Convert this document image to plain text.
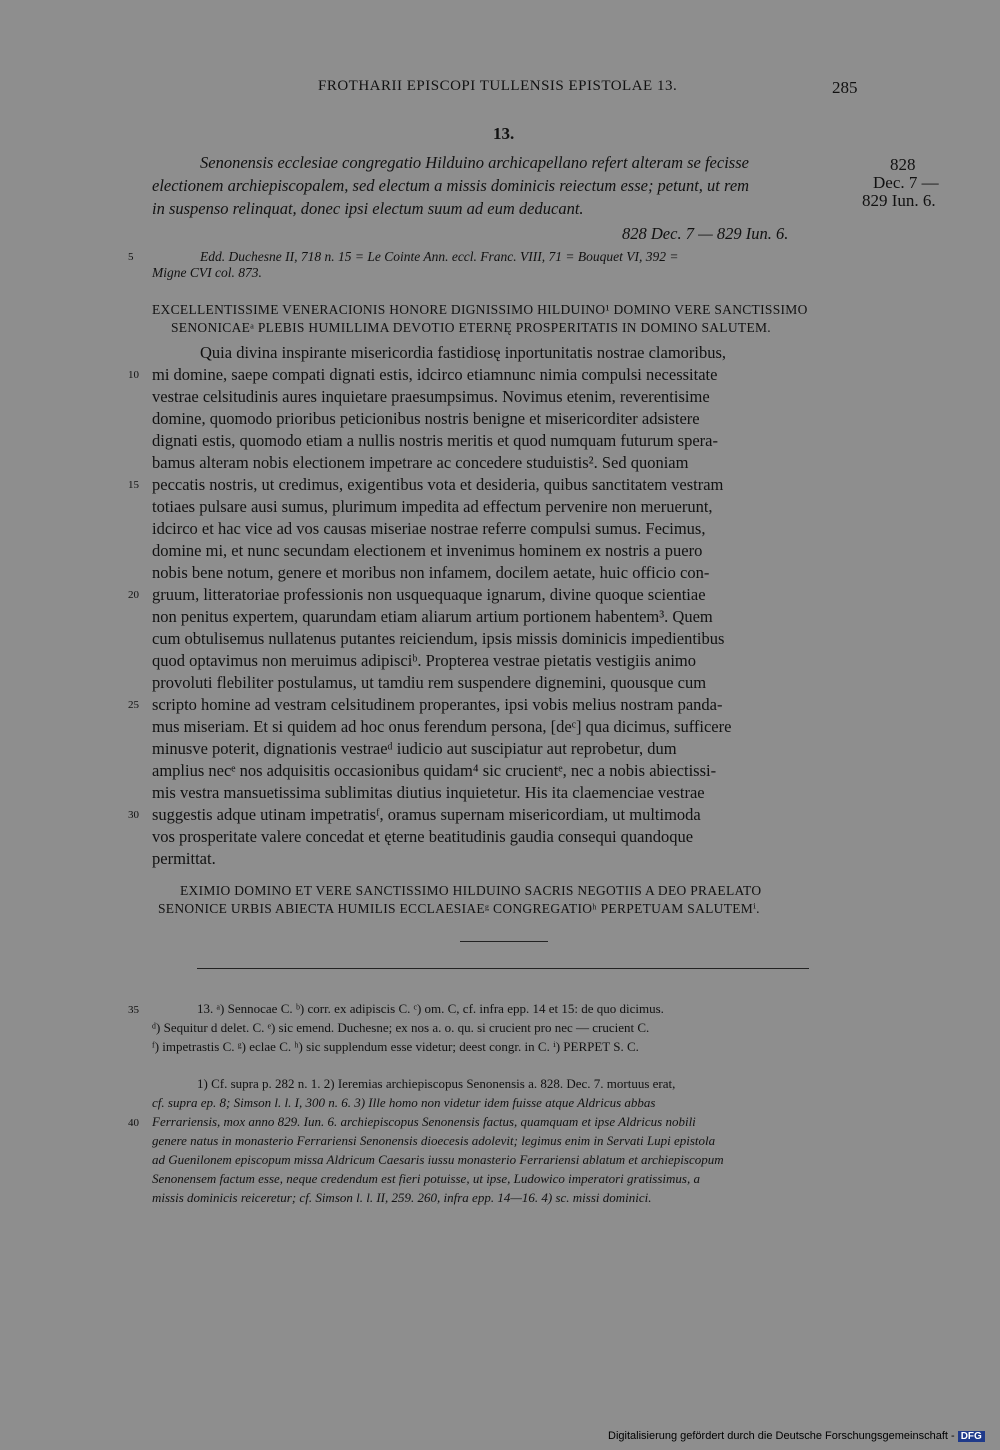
FROTHARII EPISCOPI TULLENSIS EPISTOLAE 13.	285
13.
Senonensis ecclesiae congregatio Hilduino archicapellano refert alteram se fecisse
electionem archiepiscopalem, sed electum a missis dominicis reiectum esse; petunt, ut rem
in suspenso relinquat, donec ipsi electum suum ad eum deducant.
828 Dec. 7 — 829 Iun. 6.
828
Dec. 7 —
829 Iun. 6.
Edd. Duchesne II, 718 n. 15 = Le Cointe Ann. eccl. Franc. VIII, 71 = Bouquet VI, 392 =
Migne CVI col. 873.
EXCELLENTISSIME VENERACIONIS HONORE DIGNISSIMO HILDUINO¹ DOMINO VERE SANCTISSIMO
SENONICAEᵃ PLEBIS HUMILLIMA DEVOTIO ETERNĘ PROSPERITATIS IN DOMINO SALUTEM.
Quia divina inspirante misericordia fastidiosę inportunitatis nostrae clamoribus,
mi domine, saepe compati dignati estis, idcirco etiamnunc nimia compulsi necessitate
vestrae celsitudinis aures inquietare praesumpsimus. Novimus etenim, reverentisime
domine, quomodo prioribus peticionibus nostris benigne et misericorditer adsistere
dignati estis, quomodo etiam a nullis nostris meritis et quod numquam futurum spera-
bamus alteram nobis electionem impetrare ac concedere studuistis². Sed quoniam
peccatis nostris, ut credimus, exigentibus vota et desideria, quibus sanctitatem vestram
totiaes pulsare ausi sumus, plurimum impedita ad effectum pervenire non meruerunt,
idcirco et hac vice ad vos causas miseriae nostrae referre compulsi sumus. Fecimus,
domine mi, et nunc secundam electionem et invenimus hominem ex nostris a puero
nobis bene notum, genere et moribus non infamem, docilem aetate, huic officio con-
gruum, litteratoriae professionis non usquequaque ignarum, divine quoque scientiae
non penitus expertem, quarundam etiam aliarum artium portionem habentem³. Quem
cum obtulisemus nullatenus putantes reiciendum, ipsis missis dominicis impedientibus
quod optavimus non meruimus adipisciᵇ. Propterea vestrae pietatis vestigiis animo
provoluti flebiliter postulamus, ut tamdiu rem suspendere dignemini, quousque cum
scripto homine ad vestram celsitudinem properantes, ipsi vobis melius nostram panda-
mus miseriam. Et si quidem ad hoc onus ferendum persona, [deᶜ] qua dicimus, sufficere
minusve poterit, dignationis vestraeᵈ iudicio aut suscipiatur aut reprobetur, dum
amplius necᵉ nos adquisitis occasionibus quidam⁴ sic crucientᵉ, nec a nobis abiectissi-
mis vestra mansuetissima sublimitas diutius inquietetur. His ita claemenciae vestrae
suggestis adque utinam impetratisᶠ, oramus supernam misericordiam, ut multimoda
vos prosperitate valere concedat et ęterne beatitudinis gaudia consequi quandoque
permittat.
EXIMIO DOMINO ET VERE SANCTISSIMO HILDUINO SACRIS NEGOTIIS A DEO PRAELATO
SENONICE URBIS ABIECTA HUMILIS ECCLAESIAEᵍ CONGREGATIOʰ PERPETUAM SALUTEMⁱ.
5
10
15
20
25
30
35
40
13. ᵃ) Sennocae C. ᵇ) corr. ex adipiscis C. ᶜ) om. C, cf. infra epp. 14 et 15: de quo dicimus.
ᵈ) Sequitur d delet. C. ᵉ) sic emend. Duchesne; ex nos a. o. qu. si crucient pro nec — crucient C.
ᶠ) impetrastis C. ᵍ) eclae C. ʰ) sic supplendum esse videtur; deest congr. in C. ⁱ) PERPET S. C.
1) Cf. supra p. 282 n. 1. 2) Ieremias archiepiscopus Senonensis a. 828. Dec. 7. mortuus erat,
cf. supra ep. 8; Simson l. l. I, 300 n. 6. 3) Ille homo non videtur idem fuisse atque Aldricus abbas
Ferrariensis, mox anno 829. Iun. 6. archiepiscopus Senonensis factus, quamquam et ipse Aldricus nobili
genere natus in monasterio Ferrariensi Senonensis dioecesis adolevit; legimus enim in Servati Lupi epistola
ad Guenilonem episcopum missa Aldricum Caesaris iussu monasterio Ferrariensi ablatum et archiepiscopum
Senonensem factum esse, neque credendum est fieri potuisse, ut ipse, Ludowico imperatori gratissimus, a
missis dominicis reiceretur; cf. Simson l. l. II, 259. 260, infra epp. 14—16. 4) sc. missi dominici.
Digitalisierung gefördert durch die Deutsche Forschungsgemeinschaft - DFG
